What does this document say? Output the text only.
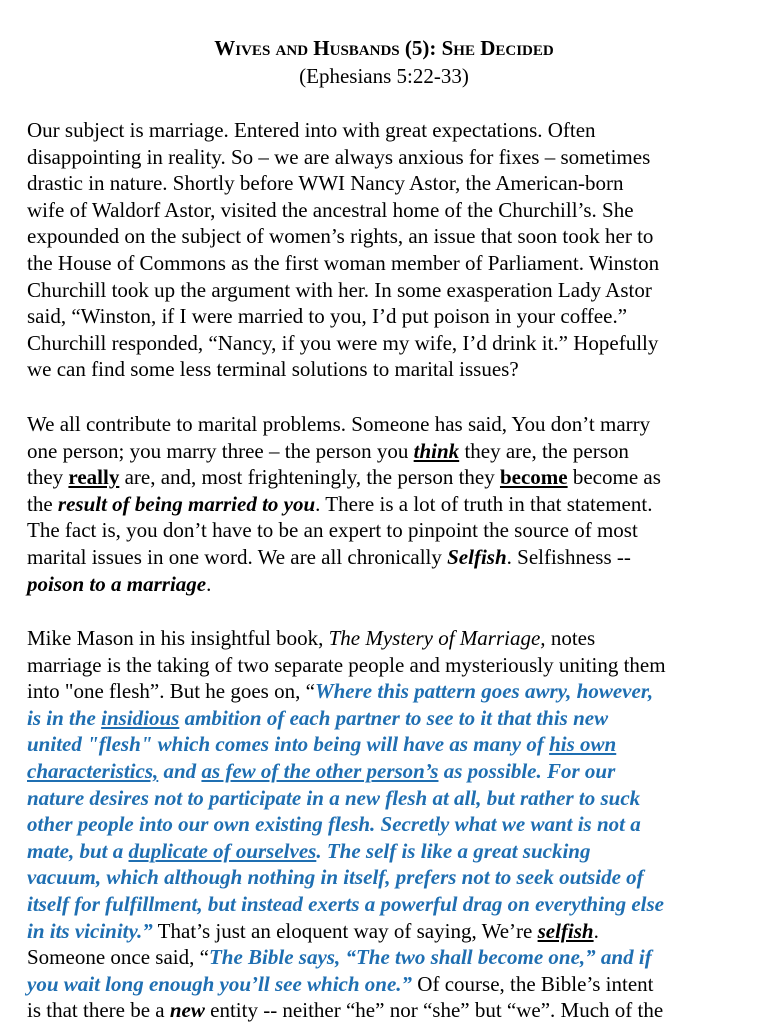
Wives and Husbands (5): She Decided
(Ephesians 5:22-33)
Our subject is marriage. Entered into with great expectations. Often
disappointing in reality. So – we are always anxious for fixes – sometimes
drastic in nature. Shortly before WWI Nancy Astor, the American-born
wife of Waldorf Astor, visited the ancestral home of the Churchill’s. She
expounded on the subject of women’s rights, an issue that soon took her to
the House of Commons as the first woman member of Parliament. Winston
Churchill took up the argument with her. In some exasperation Lady Astor
said, “Winston, if I were married to you, I’d put poison in your coffee.”
Churchill responded, “Nancy, if you were my wife, I’d drink it.” Hopefully
we can find some less terminal solutions to marital issues?
We all contribute to marital problems. Someone has said, You don’t marry
one person; you marry three – the person you think they are, the person
they really are, and, most frighteningly, the person they become become as
the result of being married to you. There is a lot of truth in that statement.
The fact is, you don’t have to be an expert to pinpoint the source of most
marital issues in one word. We are all chronically Selfish. Selfishness --
poison to a marriage.
Mike Mason in his insightful book, The Mystery of Marriage, notes
marriage is the taking of two separate people and mysteriously uniting them
into "one flesh”. But he goes on, “Where this pattern goes awry, however,
is in the insidious ambition of each partner to see to it that this new
united "flesh" which comes into being will have as many of his own
characteristics, and as few of the other person’s as possible. For our
nature desires not to participate in a new flesh at all, but rather to suck
other people into our own existing flesh. Secretly what we want is not a
mate, but a duplicate of ourselves. The self is like a great sucking
vacuum, which although nothing in itself, prefers not to seek outside of
itself for fulfillment, but instead exerts a powerful drag on everything else
in its vicinity.” That’s just an eloquent way of saying, We’re selfish.
Someone once said, “The Bible says, “The two shall become one,” and if
you wait long enough you’ll see which one.” Of course, the Bible’s intent
is that there be a new entity -- neither “he” nor “she” but “we”. Much of the
